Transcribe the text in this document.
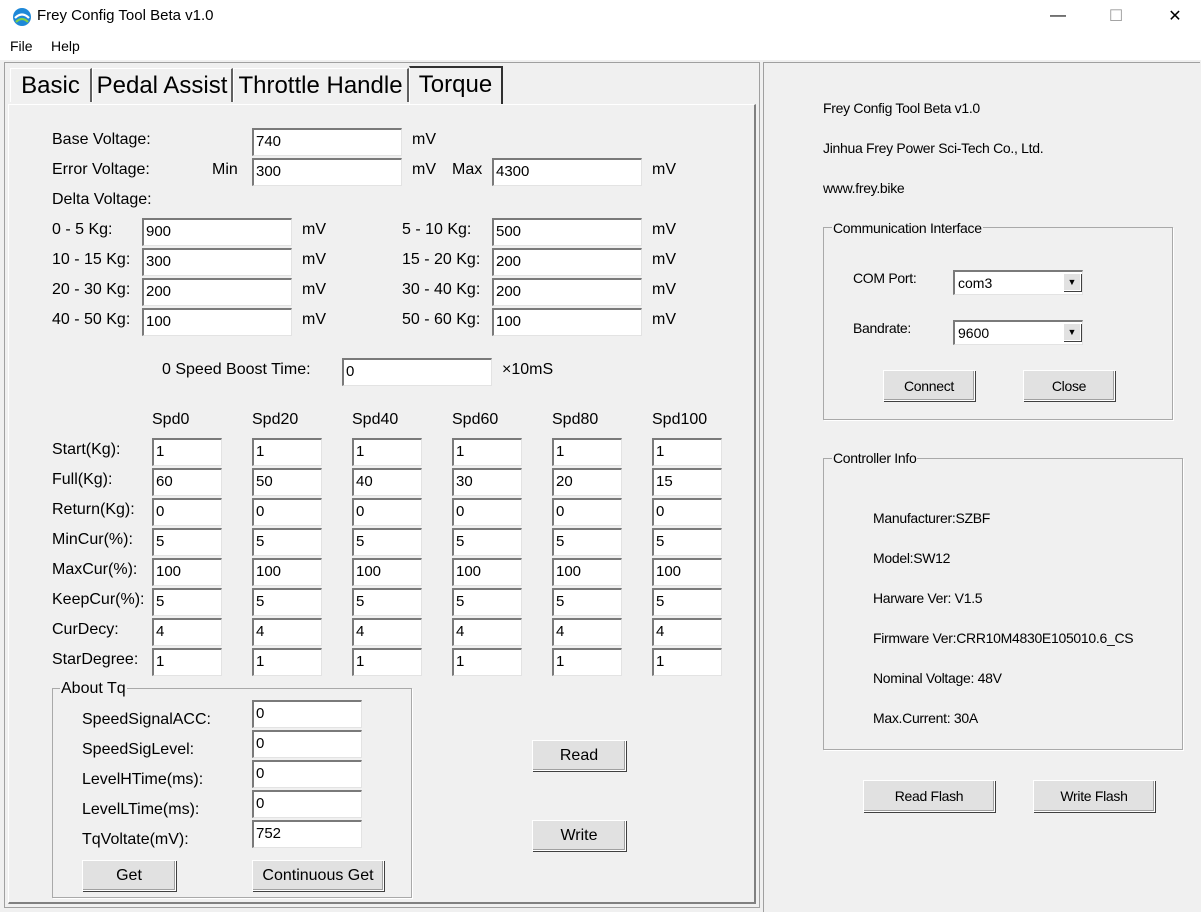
Frey Config Tool Beta v1.0	—	☐	✕
File Help
Basic Pedal Assist Throttle Handle Torque
Base Voltage:	740	mV
Error Voltage:	Min 300	mV Max 4300	mV
Delta Voltage:
0 - 5 Kg: 900	mV	5 - 10 Kg: 500	mV
10 - 15 Kg: 300	mV	15 - 20 Kg: 200	mV
20 - 30 Kg: 200	mV	30 - 40 Kg: 200	mV
40 - 50 Kg: 100	mV	50 - 60 Kg: 100	mV
0 Speed Boost Time: 0	×10mS
Spd0	Spd20	Spd40	Spd60	Spd80	Spd100
Start(Kg): 1	1	1	1	1	1
Full(Kg):	60	50	40	30	20	15
Return(Kg): 0	0	0	0	0	0
MinCur(%): 5	5	5	5	5	5
MaxCur(%): 100	100	100	100	100	100
KeepCur(%): 5	5	5	5	5	5
CurDecy: 4	4	4	4	4	4
StarDegree: 1	1	1	1	1	1
About Tq
SpeedSignalACC:	0
SpeedSigLevel:	0
LevelHTime(ms):	0
LevelLTime(ms):	0
TqVoltate(mV):	752
Get	Continuous Get
Read
Write
Frey Config Tool Beta v1.0
Jinhua Frey Power Sci-Tech Co., Ltd.
www.frey.bike
Communication Interface
COM Port:	com3	▼
Bandrate:	9600	▼
Connect	Close
Controller Info
Manufacturer:SZBF
Model:SW12
Harware Ver: V1.5
Firmware Ver:CRR10M4830E105010.6_CS
Nominal Voltage: 48V
Max.Current: 30A
Read Flash	Write Flash
